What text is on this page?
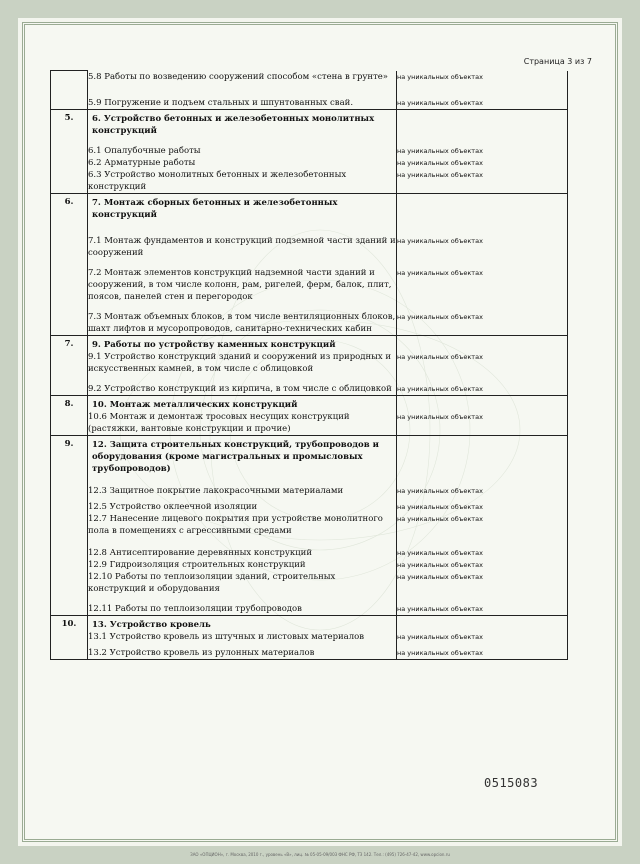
Страница 3 из 7
	5.8 Работы по возведению сооружений способом «стена в грунте»	на уникальных объектах
	5.9 Погружение и подъем стальных и шпунтованных свай.	на уникальных объектах
5.	6. Устройство бетонных и железобетонных монолитных конструкций	
	6.1 Опалубочные работы	на уникальных объектах
	6.2 Арматурные работы	на уникальных объектах
	6.3 Устройство монолитных бетонных и железобетонных конструкций	на уникальных объектах
6.	7. Монтаж сборных бетонных и железобетонных конструкций	
	7.1 Монтаж фундаментов и конструкций подземной части зданий и сооружений	на уникальных объектах
	7.2 Монтаж элементов конструкций надземной части зданий и сооружений, в том числе колонн, рам, ригелей, ферм, балок, плит, поясов, панелей стен и перегородок	на уникальных объектах
	7.3 Монтаж объемных блоков, в том числе вентиляционных блоков, шахт лифтов и мусоропроводов, санитарно-технических кабин	на уникальных объектах
7.	9. Работы по устройству каменных конструкций	
	9.1 Устройство конструкций зданий и сооружений из природных и искусственных камней, в том числе с облицовкой	на уникальных объектах
	9.2 Устройство конструкций из кирпича, в том числе с облицовкой	на уникальных объектах
8.	10. Монтаж металлических конструкций	
	10.6 Монтаж и демонтаж тросовых несущих конструкций (растяжки, вантовые конструкции и прочие)	на уникальных объектах
9.	12. Защита строительных конструкций, трубопроводов и оборудования (кроме магистральных и промысловых трубопроводов)	
	12.3 Защитное покрытие лакокрасочными материалами	на уникальных объектах
	12.5 Устройство оклеечной изоляции	на уникальных объектах
	12.7 Нанесение лицевого покрытия при устройстве монолитного пола в помещениях с агрессивными средами	на уникальных объектах
	12.8 Антисептирование деревянных конструкций	на уникальных объектах
	12.9 Гидроизоляция строительных конструкций	на уникальных объектах
	12.10 Работы по теплоизоляции зданий, строительных конструкций и оборудования	на уникальных объектах
	12.11 Работы по теплоизоляции трубопроводов	на уникальных объектах
10.	13. Устройство кровель	
	13.1 Устройство кровель из штучных и листовых материалов	на уникальных объектах
	13.2 Устройство кровель из рулонных материалов	на уникальных объектах
0515083
ЗАО «ОПЦИОН», г. Москва, 2010 г., уровень «В», лиц. № 05-05-09/003 ФНС РФ, ТЗ 142. Тел.: (495) 726-47-42, www.opcion.ru
